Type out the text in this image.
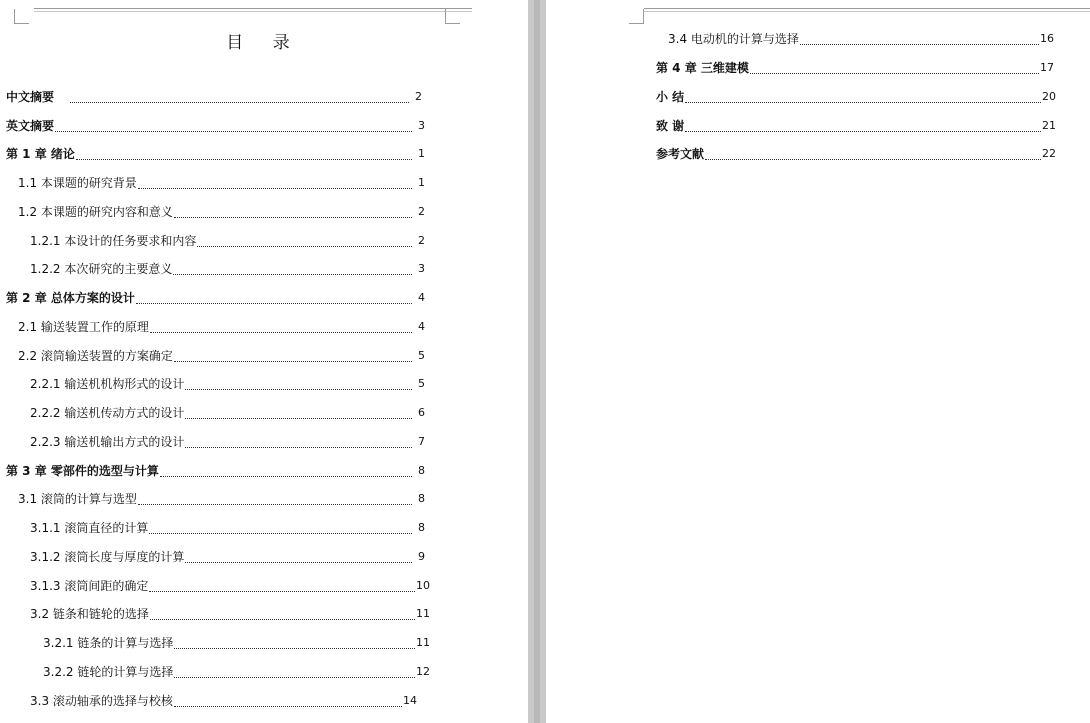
目 录
中文摘要	2
英文摘要	3
第 1 章 绪论	1
1.1 本课题的研究背景	1
1.2 本课题的研究内容和意义	2
1.2.1 本设计的任务要求和内容	2
1.2.2 本次研究的主要意义	3
第 2 章 总体方案的设计	4
2.1 输送装置工作的原理	4
2.2 滚筒输送装置的方案确定	5
2.2.1 输送机机构形式的设计	5
2.2.2 输送机传动方式的设计	6
2.2.3 输送机输出方式的设计	7
第 3 章 零部件的选型与计算	8
3.1 滚筒的计算与选型	8
3.1.1 滚筒直径的计算	8
3.1.2 滚筒长度与厚度的计算	9
3.1.3 滚筒间距的确定	10
3.2 链条和链轮的选择	11
3.2.1 链条的计算与选择	11
3.2.2 链轮的计算与选择	12
3.3 滚动轴承的选择与校核	14
3.4 电动机的计算与选择	16
第 4 章 三维建模	17
小 结	20
致 谢	21
参考文献	22
